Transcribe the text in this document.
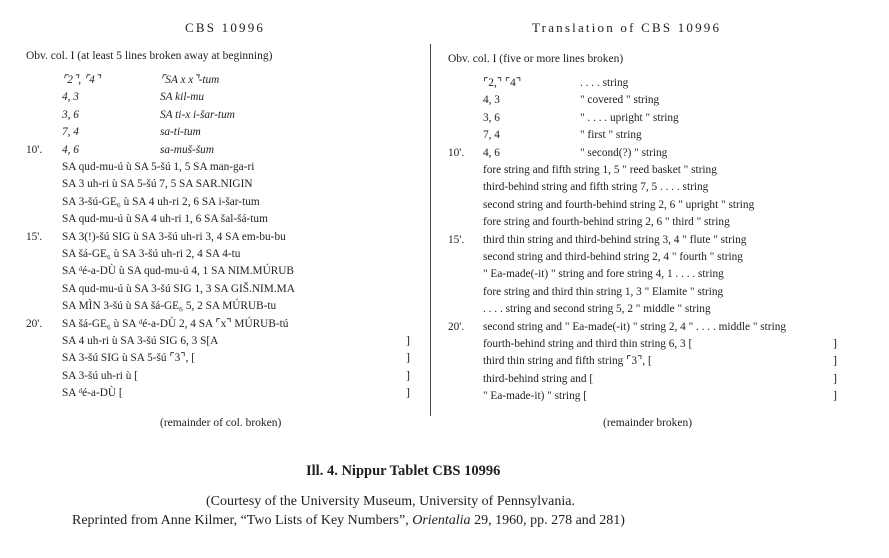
CBS 10996	Translation of CBS 10996
Obv. col. I (at least 5 lines broken away at beginning)	Obv. col. I (five or more lines broken)
⌜2⌝, ⌜4⌝	⌜SA x x⌝-tum
4, 3	SA kil-mu
3, 6	SA ti-x i-šar-tum
7, 4	sa-ti-tum
10'. 4, 6	sa-muš-šum
SA qud-mu-ú ù SA 5-šú 1, 5 SA man-ga-ri
SA 3 uh-ri ù SA 5-šú 7, 5 SA SAR.NIGIN
SA 3-šú-GE₆ ù SA 4 uh-ri 2, 6 SA i-šar-tum
SA qud-mu-ú ù SA 4 uh-ri 1, 6 SA šal-šá-tum
15'. SA 3(!)-šú SIG ù SA 3-šú uh-ri 3, 4 SA em-bu-bu
SA šá-GE₆ ù SA 3-šú uh-ri 2, 4 SA 4-tu
SA ᵈé-a-DÙ ù SA qud-mu-ú 4, 1 SA NIM.MÚRUB
SA qud-mu-ú ù SA 3-šú SIG 1, 3 SA GIŠ.NIM.MA
SA MÌN 3-šú ù SA šá-GE₆ 5, 2 SA MÚRUB-tu
20'. SA šá-GE₆ ù SA ᵈé-a-DÙ 2, 4 SA ⌜x⌝ MÚRUB-tú
SA 4 uh-ri ù SA 3-šú SIG 6, 3 S[A	]
SA 3-šú SIG ù SA 5-šú ⌜3⌝, [	]
SA 3-šú uh-ri ù [	]
SA ᵈé-a-DÙ [	]
⌜2,⌝ ⌜4⌝	. . . . string
4, 3	" covered " string
3, 6	" . . . . upright " string
7, 4	" first " string
10'. 4, 6	" second(?) " string
fore string and fifth string 1, 5 " reed basket " string
third-behind string and fifth string 7, 5 . . . . string
second string and fourth-behind string 2, 6 " upright " string
fore string and fourth-behind string 2, 6 " third " string
15'. third thin string and third-behind string 3, 4 " flute " string
second string and third-behind string 2, 4 " fourth " string
" Ea-made(-it) " string and fore string 4, 1 . . . . string
fore string and third thin string 1, 3 " Elamite " string
. . . . string and second string 5, 2 " middle " string
20'. second string and " Ea-made(-it) " string 2, 4 " . . . . middle " string
fourth-behind string and third thin string 6, 3 [	]
third thin string and fifth string ⌜3⌝, [	]
third-behind string and [	]
" Ea-made-it) " string [	]
(remainder of col. broken)	(remainder broken)
Ill. 4. Nippur Tablet CBS 10996
(Courtesy of the University Museum, University of Pennsylvania.
Reprinted from Anne Kilmer, “Two Lists of Key Numbers”, Orientalia 29, 1960, pp. 278 and 281)
